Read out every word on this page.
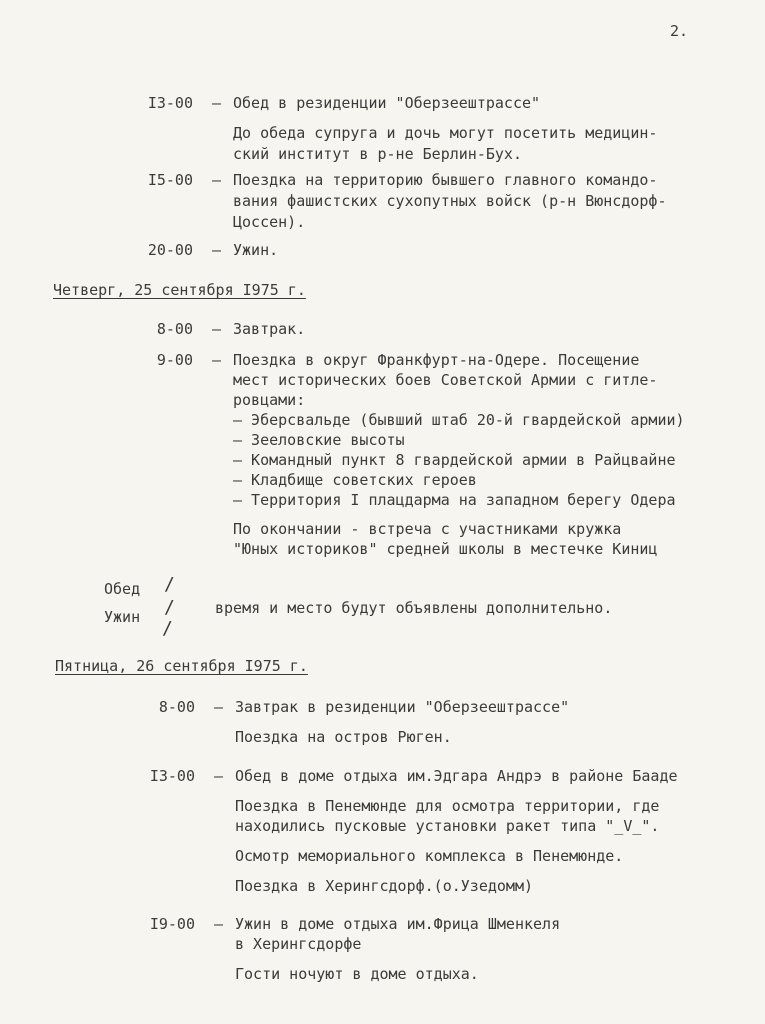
2.
I3-00 – Обед в резиденции "Оберзеештрассе"
До обеда супруга и дочь могут посетить медицин-
ский институт в р-не Берлин-Бух.
I5-00 – Поездка на территорию бывшего главного командо-
вания фашистских сухопутных войск (р-н Вюнсдорф-
Цоссен).
20-00 – Ужин.
Четверг, 25 сентября I975 г.
8-00 – Завтрак.
9-00 – Поездка в округ Франкфурт-на-Одере. Посещение
мест исторических боев Советской Армии с гитле-
ровцами:
– Эберсвальде (бывший штаб 20-й гвардейской армии)
– Зееловские высоты
– Командный пункт 8 гвардейской армии в Райцвайне
– Кладбище советских героев
– Территория I плацдарма на западном берегу Одера
По окончании - встреча с участниками кружка
"Юных историков" средней школы в местечке Киниц
Обед
Ужин
/
/
/
время и место будут объявлены дополнительно.
Пятница, 26 сентября I975 г.
8-00 – Завтрак в резиденции "Оберзеештрассе"
Поездка на остров Рюген.
I3-00 – Обед в доме отдыха им.Эдгара Андрэ в районе Бааде
Поездка в Пенемюнде для осмотра территории, где
находились пусковые установки ракет типа "_V_".
Осмотр мемориального комплекса в Пенемюнде.
Поездка в Херингсдорф.(о.Узедомм)
I9-00 – Ужин в доме отдыха им.Фрица Шменкеля
в Херингсдорфе
Гости ночуют в доме отдыха.
